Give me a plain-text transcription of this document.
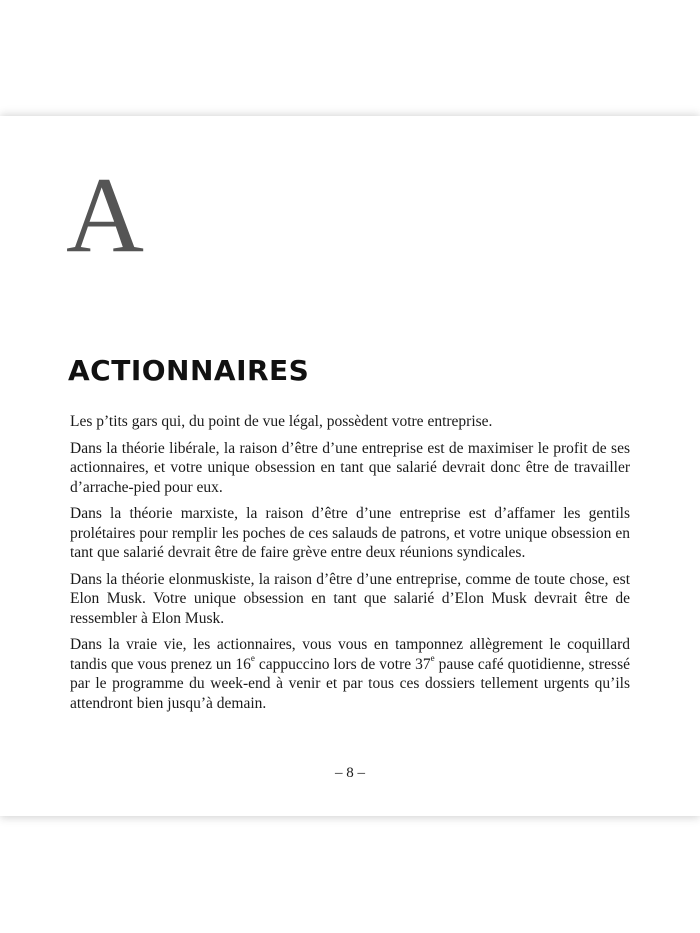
A
ACTIONNAIRES

Les p’tits gars qui, du point de vue légal, possèdent votre entreprise.

Dans la théorie libérale, la raison d’être d’une entreprise est de maximiser le profit de ses actionnaires, et votre unique obsession en tant que salarié devrait donc être de travailler d’arrache-pied pour eux.

Dans la théorie marxiste, la raison d’être d’une entreprise est d’affamer les gentils prolétaires pour remplir les poches de ces salauds de patrons, et votre unique obsession en tant que salarié devrait être de faire grève entre deux réunions syndicales.

Dans la théorie elonmuskiste, la raison d’être d’une entreprise, comme de toute chose, est Elon Musk. Votre unique obsession en tant que salarié d’Elon Musk devrait être de ressembler à Elon Musk.

Dans la vraie vie, les actionnaires, vous vous en tamponnez allègrement le coquillard tandis que vous prenez un 16e cappuccino lors de votre 37e pause café quotidienne, stressé par le programme du week-end à venir et par tous ces dossiers tellement urgents qu’ils attendront bien jusqu’à demain.

– 8 –
